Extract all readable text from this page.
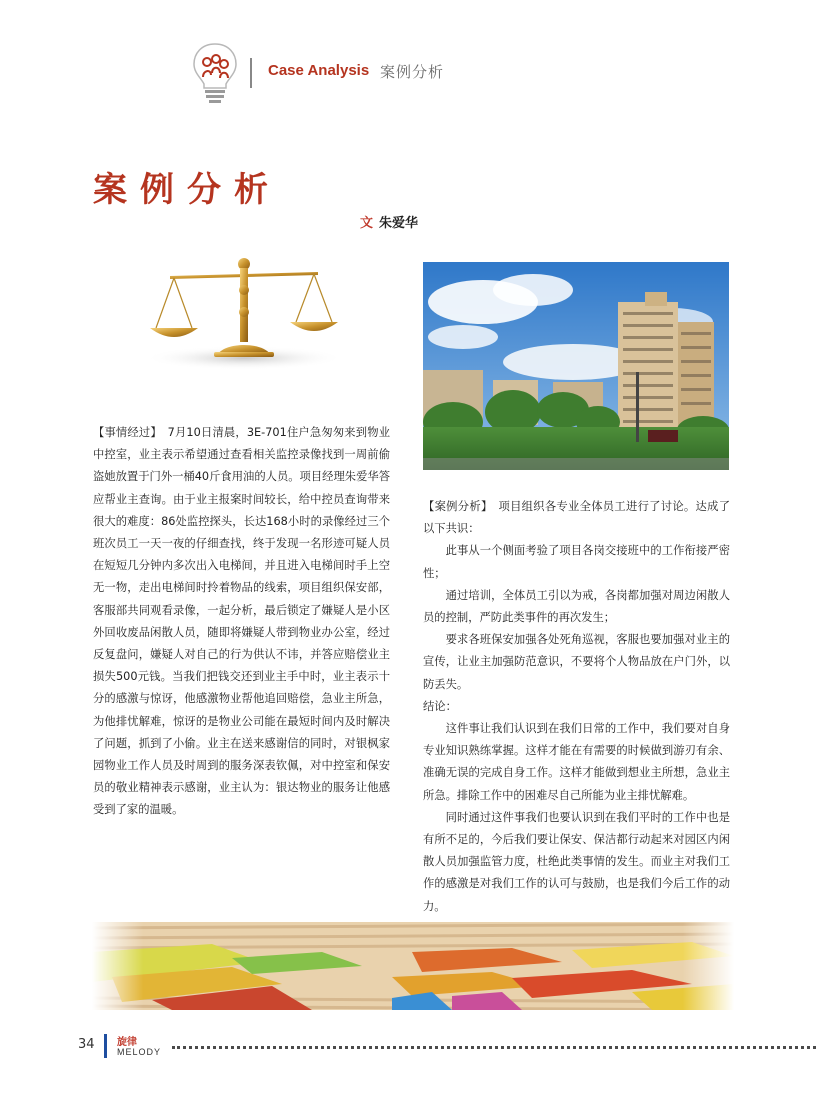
Case Analysis 案例分析
案例分析
文 朱爱华

【事情经过】　7月10日清晨，3E-701住户急匆匆来到物业中控室，业主表示希望通过查看相关监控录像找到一周前偷盗她放置于门外一桶40斤食用油的人员。项目经理朱爱华答应帮业主查询。由于业主报案时间较长，给中控员查询带来很大的难度：86处监控探头，长达168小时的录像经过三个班次员工一天一夜的仔细查找，终于发现一名形迹可疑人员在短短几分钟内多次出入电梯间，并且进入电梯间时手上空无一物，走出电梯间时拎着物品的线索，项目组织保安部，客服部共同观看录像，一起分析，最后锁定了嫌疑人是小区外回收废品闲散人员，随即将嫌疑人带到物业办公室，经过反复盘问，嫌疑人对自己的行为供认不讳，并答应赔偿业主损失500元钱。当我们把钱交还到业主手中时，业主表示十分的感激与惊讶，他感激物业帮他追回赔偿，急业主所急，为他排忧解难，惊讶的是物业公司能在最短时间内及时解决了问题，抓到了小偷。业主在送来感谢信的同时，对银枫家园物业工作人员及时周到的服务深表钦佩，对中控室和保安员的敬业精神表示感谢，业主认为：银达物业的服务让他感受到了家的温暖。

【案例分析】　项目组织各专业全体员工进行了讨论。达成了以下共识：

此事从一个侧面考验了项目各岗交接班中的工作衔接严密性；

通过培训，全体员工引以为戒，各岗都加强对周边闲散人员的控制，严防此类事件的再次发生；

要求各班保安加强各处死角巡视，客服也要加强对业主的宣传，让业主加强防范意识，不要将个人物品放在户门外，以防丢失。

结论：

这件事让我们认识到在我们日常的工作中，我们要对自身专业知识熟练掌握。这样才能在有需要的时候做到游刃有余、准确无误的完成自身工作。这样才能做到想业主所想，急业主所急。排除工作中的困难尽自己所能为业主排忧解难。

同时通过这件事我们也要认识到在我们平时的工作中也是有所不足的，今后我们要让保安、保洁都行动起来对园区内闲散人员加强监管力度，杜绝此类事情的发生。而业主对我们工作的感激是对我们工作的认可与鼓励，也是我们今后工作的动力。

34 旋律
MELODY
